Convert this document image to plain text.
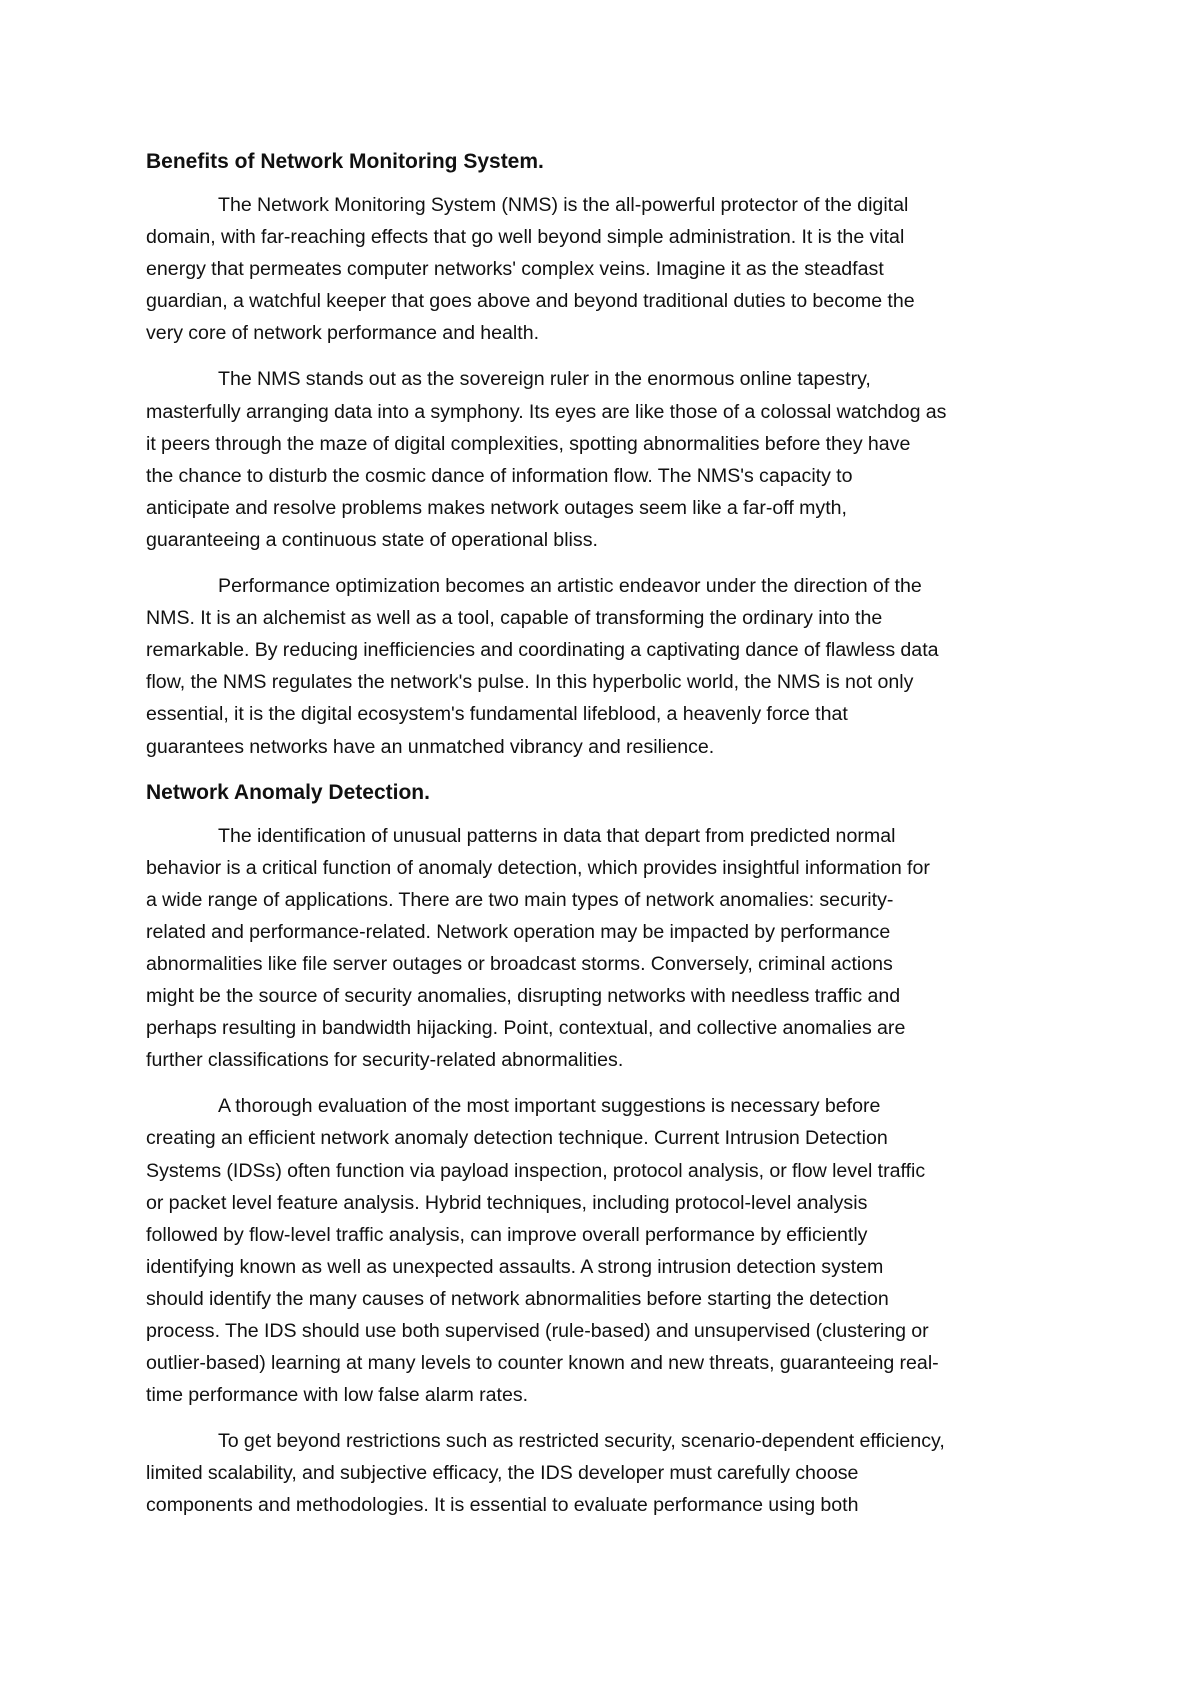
Benefits of Network Monitoring System.
The Network Monitoring System (NMS) is the all-powerful protector of the digital
domain, with far-reaching effects that go well beyond simple administration. It is the vital
energy that permeates computer networks' complex veins. Imagine it as the steadfast
guardian, a watchful keeper that goes above and beyond traditional duties to become the
very core of network performance and health.
The NMS stands out as the sovereign ruler in the enormous online tapestry,
masterfully arranging data into a symphony. Its eyes are like those of a colossal watchdog as
it peers through the maze of digital complexities, spotting abnormalities before they have
the chance to disturb the cosmic dance of information flow. The NMS's capacity to
anticipate and resolve problems makes network outages seem like a far-off myth,
guaranteeing a continuous state of operational bliss.
Performance optimization becomes an artistic endeavor under the direction of the
NMS. It is an alchemist as well as a tool, capable of transforming the ordinary into the
remarkable. By reducing inefficiencies and coordinating a captivating dance of flawless data
flow, the NMS regulates the network's pulse. In this hyperbolic world, the NMS is not only
essential, it is the digital ecosystem's fundamental lifeblood, a heavenly force that
guarantees networks have an unmatched vibrancy and resilience.
Network Anomaly Detection.
The identification of unusual patterns in data that depart from predicted normal
behavior is a critical function of anomaly detection, which provides insightful information for
a wide range of applications. There are two main types of network anomalies: security-
related and performance-related. Network operation may be impacted by performance
abnormalities like file server outages or broadcast storms. Conversely, criminal actions
might be the source of security anomalies, disrupting networks with needless traffic and
perhaps resulting in bandwidth hijacking. Point, contextual, and collective anomalies are
further classifications for security-related abnormalities.
A thorough evaluation of the most important suggestions is necessary before
creating an efficient network anomaly detection technique. Current Intrusion Detection
Systems (IDSs) often function via payload inspection, protocol analysis, or flow level traffic
or packet level feature analysis. Hybrid techniques, including protocol-level analysis
followed by flow-level traffic analysis, can improve overall performance by efficiently
identifying known as well as unexpected assaults. A strong intrusion detection system
should identify the many causes of network abnormalities before starting the detection
process. The IDS should use both supervised (rule-based) and unsupervised (clustering or
outlier-based) learning at many levels to counter known and new threats, guaranteeing real-
time performance with low false alarm rates.
To get beyond restrictions such as restricted security, scenario-dependent efficiency,
limited scalability, and subjective efficacy, the IDS developer must carefully choose
components and methodologies. It is essential to evaluate performance using both
